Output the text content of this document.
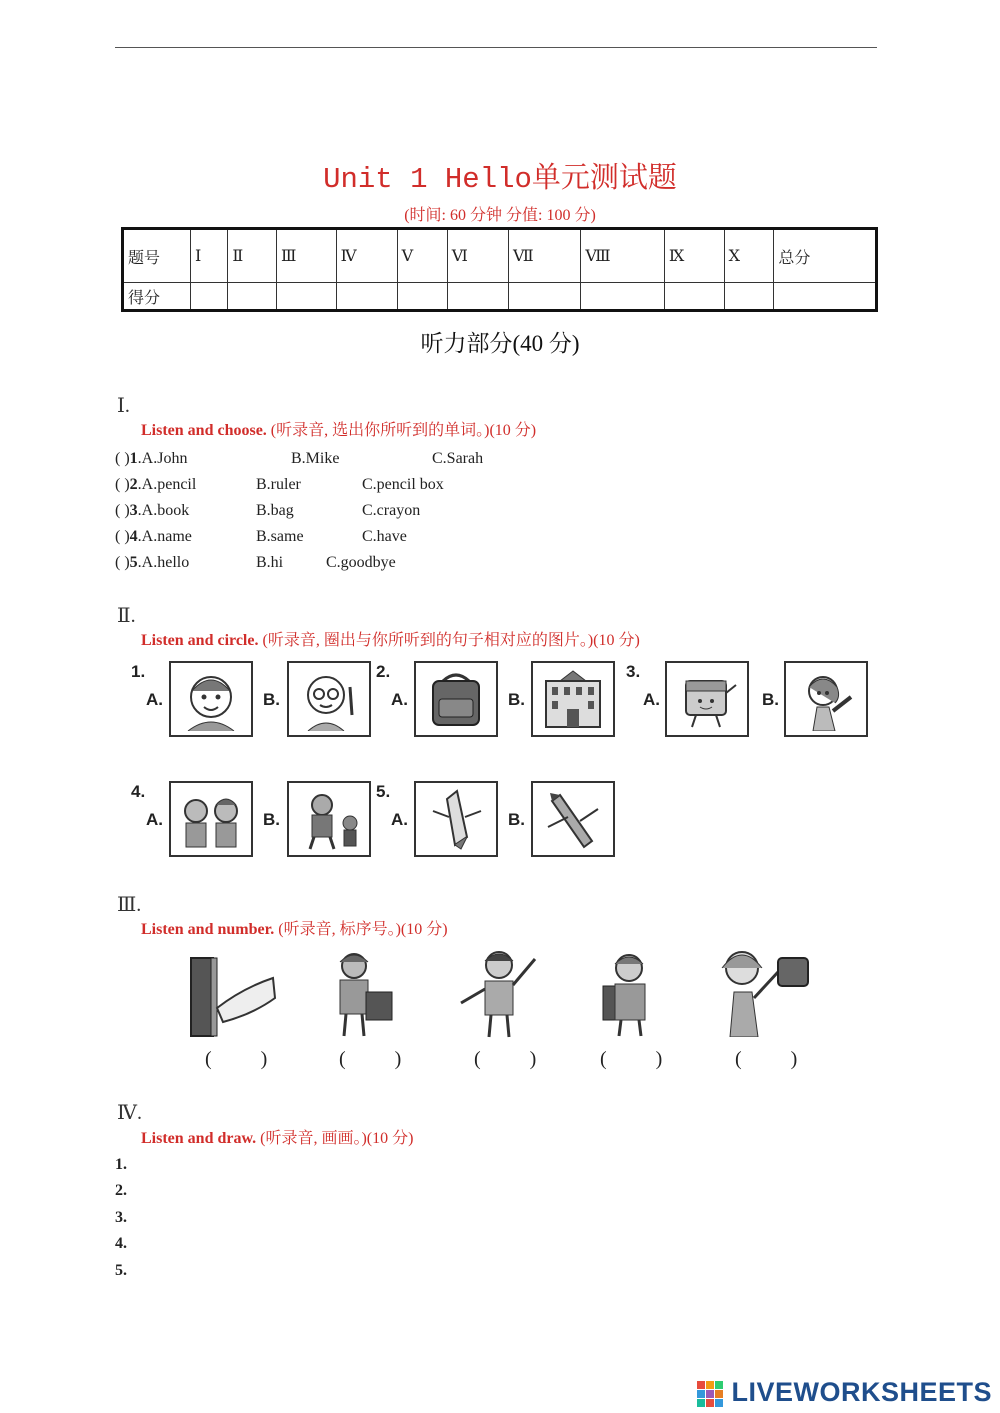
Unit 1 Hello单元测试题
(时间: 60 分钟 分值: 100 分)
题号	Ⅰ	Ⅱ	Ⅲ	Ⅳ	Ⅴ	Ⅵ	Ⅶ	Ⅷ	Ⅸ	Ⅹ	总分
得分											
听力部分(40 分)
Ⅰ.
Listen and choose. (听录音, 选出你所听到的单词。)(10 分)
( )1.A.John	B.Mike	C.Sarah
( )2.A.pencil	B.ruler	C.pencil box
( )3.A.book	B.bag	C.crayon
( )4.A.name	B.same	C.have
( )5.A.hello	B.hi	C.goodbye
Ⅱ.
Listen and circle. (听录音, 圈出与你所听到的句子相对应的图片。)(10 分)
1.
A.	B.
2.
A.	B.
3.
A.	B.
4.
A.	B.
5.
A.	B.
Ⅲ.
Listen and number. (听录音, 标序号。)(10 分)
( ) ( )	( ) ( )	( )
Ⅳ.
Listen and draw. (听录音, 画画。)(10 分)
1.
2.
3.
4.
5.
LIVEWORKSHEETS
